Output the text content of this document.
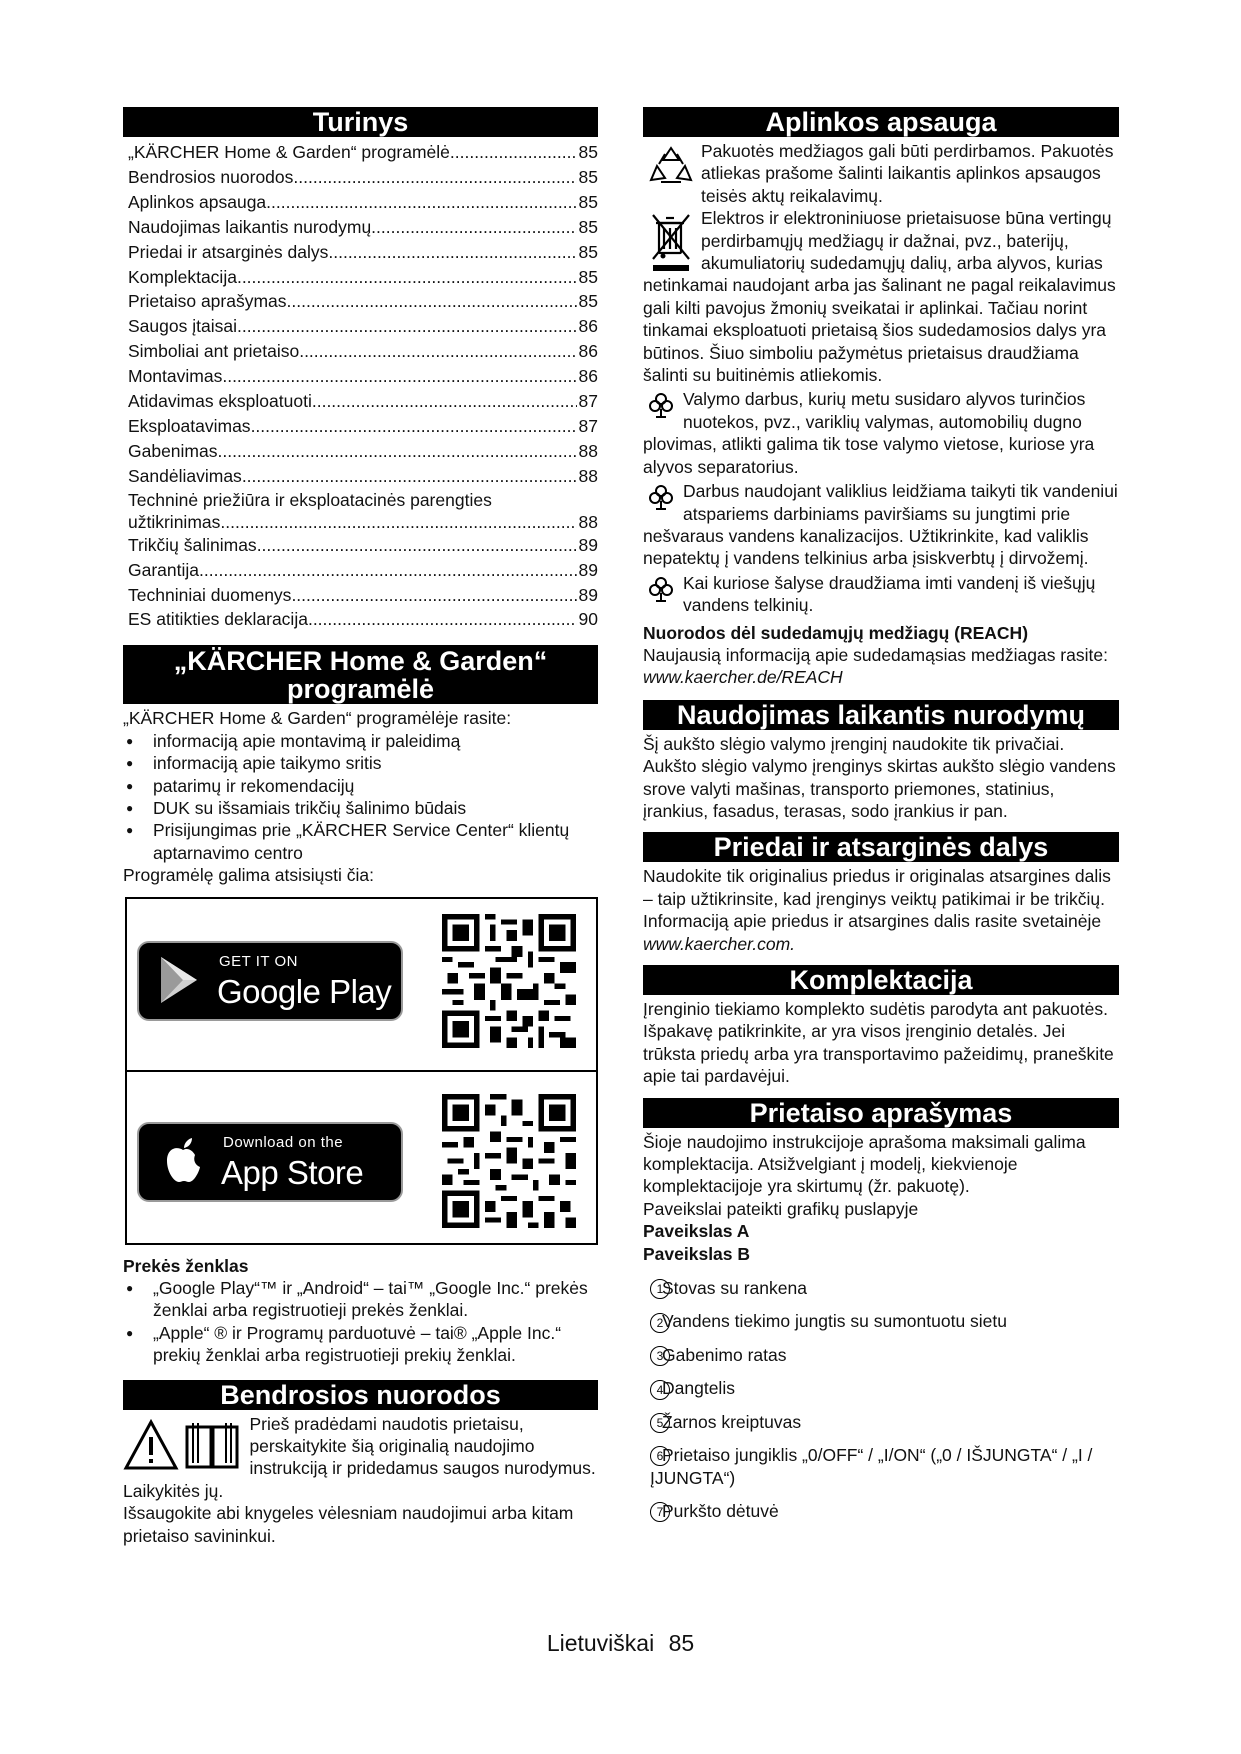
Turinys
„KÄRCHER Home & Garden“ programėlė .....	85
Bendrosios nuorodos .....	85
Aplinkos apsauga .....	85
Naudojimas laikantis nurodymų .....	85
Priedai ir atsarginės dalys .....	85
Komplektacija .....	85
Prietaiso aprašymas .....	85
Saugos įtaisai .....	86
Simboliai ant prietaiso .....	86
Montavimas .....	86
Atidavimas eksploatuoti .....	87
Eksploatavimas .....	87
Gabenimas .....	88
Sandėliavimas .....	88
Techninė priežiūra ir eksploatacinės parengties
užtikrinimas .....	88
Trikčių šalinimas .....	89
Garantija .....	89
Techniniai duomenys .....	89
ES atitikties deklaracija .....	90
„KÄRCHER Home & Garden“
programėlė

„KÄRCHER Home & Garden“ programėlėje rasite:

● informaciją apie montavimą ir paleidimą
● informaciją apie taikymo sritis
● patarimų ir rekomendacijų
● DUK su išsamiais trikčių šalinimo būdais
● Prisijungimas prie „KÄRCHER Service Center“ klientų aptarnavimo centro

Programėlę galima atsisiųsti čia:

GET IT ON
Google Play
Download on the
App Store

Prekės ženklas

● „Google Play“™ ir „Android“ – tai™ „Google Inc.“ prekės ženklai arba registruotieji prekės ženklai.
● „Apple“ ® ir Programų parduotuvė – tai® „Apple Inc.“ prekių ženklai arba registruotieji prekių ženklai.
Bendrosios nuorodos

Prieš pradėdami naudotis prietaisu, perskaitykite šią originalią naudojimo instrukciją ir pridedamus saugos nurodymus. Laikykitės jų.

Išsaugokite abi knygeles vėlesniam naudojimui arba kitam prietaiso savininkui.

Aplinkos apsauga

Pakuotės medžiagos gali būti perdirbamos. Pakuotės atliekas prašome šalinti laikantis aplinkos apsaugos teisės aktų reikalavimų.

Elektros ir elektroniniuose prietaisuose būna vertingų perdirbamųjų medžiagų ir dažnai, pvz., baterijų, akumuliatorių sudedamųjų dalių, arba alyvos, kurias netinkamai naudojant arba jas šalinant ne pagal reikalavimus gali kilti pavojus žmonių sveikatai ir aplinkai. Tačiau norint tinkamai eksploatuoti prietaisą šios sudedamosios dalys yra būtinos. Šiuo simboliu pažymėtus prietaisus draudžiama šalinti su buitinėmis atliekomis.

Valymo darbus, kurių metu susidaro alyvos turinčios nuotekos, pvz., variklių valymas, automobilių dugno plovimas, atlikti galima tik tose valymo vietose, kuriose yra alyvos separatorius.

Darbus naudojant valiklius leidžiama taikyti tik vandeniui atspariems darbiniams paviršiams su jungtimi prie nešvaraus vandens kanalizacijos. Užtikrinkite, kad valiklis nepatektų į vandens telkinius arba įsiskverbtų į dirvožemį.

Kai kuriose šalyse draudžiama imti vandenį iš viešųjų vandens telkinių.

Nuorodos dėl sudedamųjų medžiagų (REACH)

Naujausią informaciją apie sudedamąsias medžiagas rasite: www.kaercher.de/REACH

Naudojimas laikantis nurodymų

Šį aukšto slėgio valymo įrenginį naudokite tik privačiai. Aukšto slėgio valymo įrenginys skirtas aukšto slėgio vandens srove valyti mašinas, transporto priemones, statinius, įrankius, fasadus, terasas, sodo įrankius ir pan.

Priedai ir atsarginės dalys

Naudokite tik originalius priedus ir originalas atsargines dalis – taip užtikrinsite, kad įrenginys veiktų patikimai ir be trikčių.

Informaciją apie priedus ir atsargines dalis rasite svetainėje www.kaercher.com.

Komplektacija

Įrenginio tiekiamo komplekto sudėtis parodyta ant pakuotės. Išpakavę patikrinkite, ar yra visos įrenginio detalės. Jei trūksta priedų arba yra transportavimo pažeidimų, praneškite apie tai pardavėjui.

Prietaiso aprašymas

Šioje naudojimo instrukcijoje aprašoma maksimali galima komplektacija. Atsižvelgiant į modelį, kiekvienoje komplektacijoje yra skirtumų (žr. pakuotę).

Paveikslai pateikti grafikų puslapyje

Paveikslas A

Paveikslas B

1Stovas su rankena
2Vandens tiekimo jungtis su sumontuotu sietu
3Gabenimo ratas
4Dangtelis
5Žarnos kreiptuvas
6Prietaiso jungiklis „0/OFF“ / „I/ON“ („0 / IŠJUNGTA“ / „I / ĮJUNGTA“)
7Purkšto dėtuvė
Lietuviškai 85
